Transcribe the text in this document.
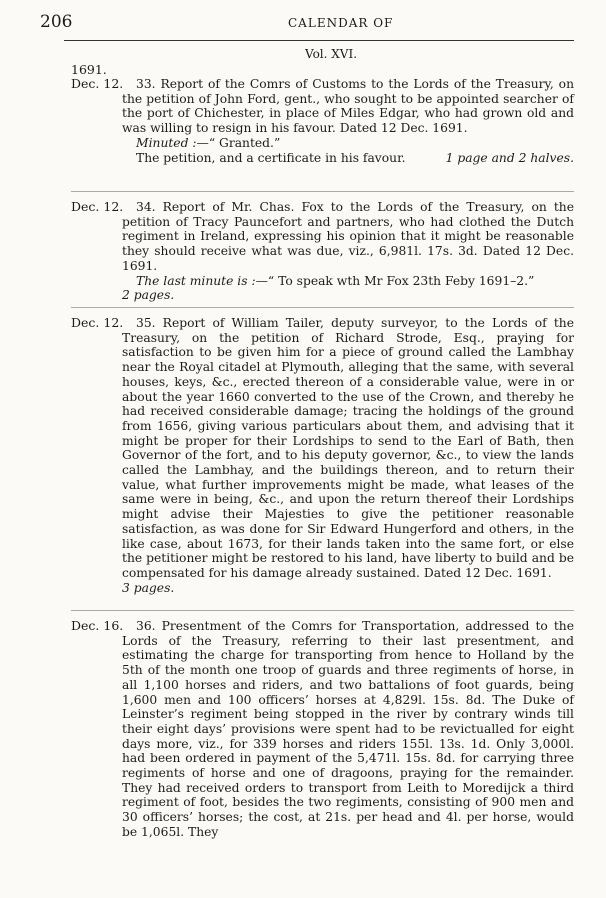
206	CALENDAR OF
Vol. XVI.
1691.
Dec. 12.	33. Report of the Comrs of Customs to the Lords of the Treasury, on the petition of John Ford, gent., who sought to be appointed searcher of the port of Chichester, in place of Miles Edgar, who had grown old and was willing to resign in his favour. Dated 12 Dec. 1691.

Minuted :—“ Granted.”

The petition, and a certificate in his favour.	1 page and 2 halves.
Dec. 12.	34. Report of Mr. Chas. Fox to the Lords of the Treasury, on the petition of Tracy Pauncefort and partners, who had clothed the Dutch regiment in Ireland, expressing his opinion that it might be reasonable they should receive what was due, viz., 6,981l. 17s. 3d. Dated 12 Dec. 1691.

The last minute is :—“ To speak wth Mr Fox 23th Feby 1691–2.”

2 pages.

Dec. 12.	35. Report of William Tailer, deputy surveyor, to the Lords of the Treasury, on the petition of Richard Strode, Esq., praying for satisfaction to be given him for a piece of ground called the Lambhay near the Royal citadel at Plymouth, alleging that the same, with several houses, keys, &c., erected thereon of a considerable value, were in or about the year 1660 converted to the use of the Crown, and thereby he had received considerable damage; tracing the holdings of the ground from 1656, giving various particulars about them, and advising that it might be proper for their Lordships to send to the Earl of Bath, then Governor of the fort, and to his deputy governor, &c., to view the lands called the Lambhay, and the buildings thereon, and to return their value, what further improvements might be made, what leases of the same were in being, &c., and upon the return thereof their Lordships might advise their Majesties to give the petitioner reasonable satisfaction, as was done for Sir Edward Hungerford and others, in the like case, about 1673, for their lands taken into the same fort, or else the petitioner might be restored to his land, have liberty to build and be compensated for his damage already sustained. Dated 12 Dec. 1691.

3 pages.

Dec. 16.	36. Presentment of the Comrs for Transportation, addressed to the Lords of the Treasury, referring to their last presentment, and estimating the charge for transporting from hence to Holland by the 5th of the month one troop of guards and three regiments of horse, in all 1,100 horses and riders, and two battalions of foot guards, being 1,600 men and 100 officers’ horses at 4,829l. 15s. 8d. The Duke of Leinster’s regiment being stopped in the river by contrary winds till their eight days’ provisions were spent had to be revictualled for eight days more, viz., for 339 horses and riders 155l. 13s. 1d. Only 3,000l. had been ordered in payment of the 5,471l. 15s. 8d. for carrying three regiments of horse and one of dragoons, praying for the remainder. They had received orders to transport from Leith to Moredijck a third regiment of foot, besides the two regiments, consisting of 900 men and 30 officers’ horses; the cost, at 21s. per head and 4l. per horse, would be 1,065l. They
